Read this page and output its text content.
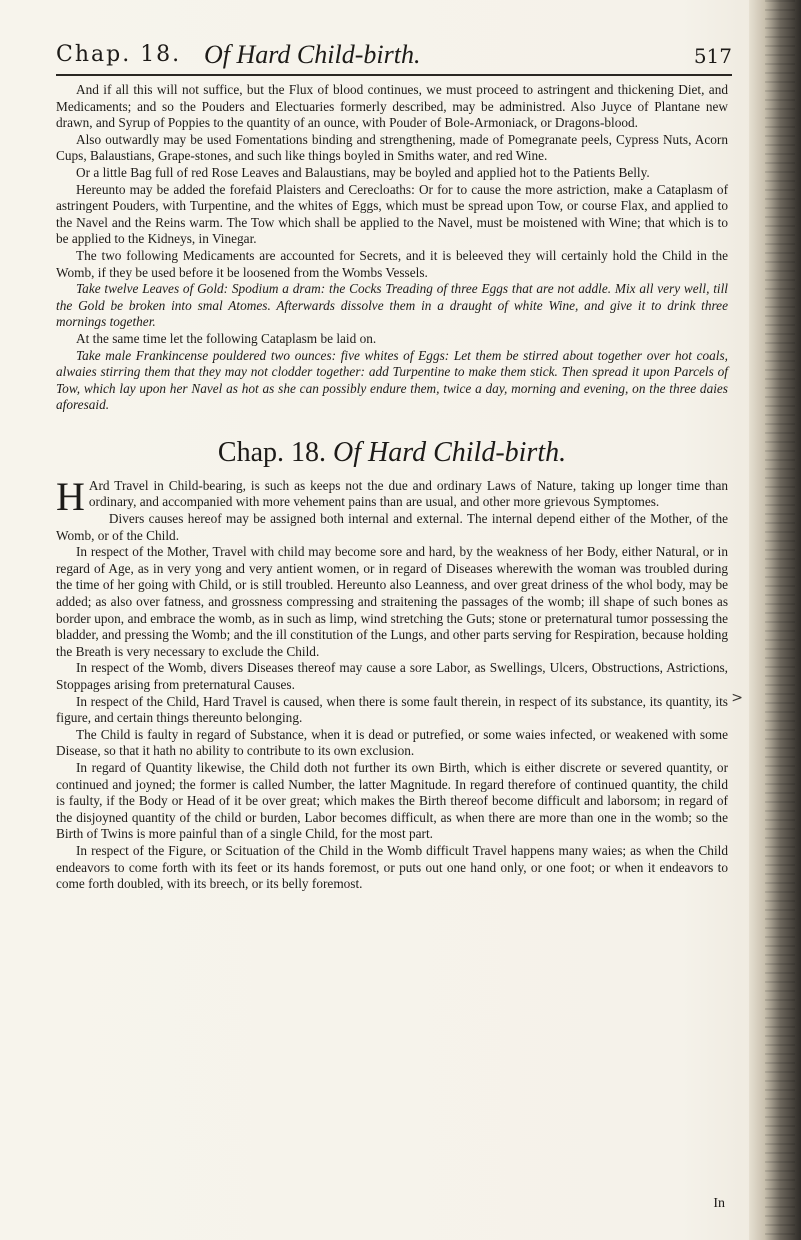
>
Chap. 18. Of Hard Child-birth.	517

And if all this will not suffice, but the Flux of blood continues, we must proceed to astringent and thickening Diet, and Medicaments; and so the Pouders and Electuaries formerly described, may be administred. Also Juyce of Plantane new drawn, and Syrup of Poppies to the quantity of an ounce, with Pouder of Bole-Armoniack, or Dragons-blood.

Also outwardly may be used Fomentations binding and strengthening, made of Pomegranate peels, Cypress Nuts, Acorn Cups, Balaustians, Grape-stones, and such like things boyled in Smiths water, and red Wine.

Or a little Bag full of red Rose Leaves and Balaustians, may be boyled and applied hot to the Patients Belly.

Hereunto may be added the forefaid Plaisters and Cerecloaths: Or for to cause the more astriction, make a Cataplasm of astringent Pouders, with Turpentine, and the whites of Eggs, which must be spread upon Tow, or course Flax, and applied to the Navel and the Reins warm. The Tow which shall be applied to the Navel, must be moistened with Wine; that which is to be applied to the Kidneys, in Vinegar.

The two following Medicaments are accounted for Secrets, and it is beleeved they will certainly hold the Child in the Womb, if they be used before it be loosened from the Wombs Vessels.

Take twelve Leaves of Gold: Spodium a dram: the Cocks Treading of three Eggs that are not addle. Mix all very well, till the Gold be broken into smal Atomes. Afterwards dissolve them in a draught of white Wine, and give it to drink three mornings together.

At the same time let the following Cataplasm be laid on.

Take male Frankincense pouldered two ounces: five whites of Eggs: Let them be stirred about together over hot coals, alwaies stirring them that they may not clodder together: add Turpentine to make them stick. Then spread it upon Parcels of Tow, which lay upon her Navel as hot as she can possibly endure them, twice a day, morning and evening, on the three daies aforesaid.

Chap. 18. Of Hard Child-birth.

H Ard Travel in Child-bearing, is such as keeps not the due and ordinary Laws of Nature, taking up longer time than ordinary, and accompanied with more vehement pains than are usual, and other more grievous Symptomes.

Divers causes hereof may be assigned both internal and external. The internal depend either of the Mother, of the Womb, or of the Child.

In respect of the Mother, Travel with child may become sore and hard, by the weakness of her Body, either Natural, or in regard of Age, as in very yong and very antient women, or in regard of Diseases wherewith the woman was troubled during the time of her going with Child, or is still troubled. Hereunto also Leanness, and over great driness of the whol body, may be added; as also over fatness, and grossness compressing and straitening the passages of the womb; ill shape of such bones as border upon, and embrace the womb, as in such as limp, wind stretching the Guts; stone or preternatural tumor possessing the bladder, and pressing the Womb; and the ill constitution of the Lungs, and other parts serving for Respiration, because holding the Breath is very necessary to exclude the Child.

In respect of the Womb, divers Diseases thereof may cause a sore Labor, as Swellings, Ulcers, Obstructions, Astrictions, Stoppages arising from preternatural Causes.

In respect of the Child, Hard Travel is caused, when there is some fault therein, in respect of its substance, its quantity, its figure, and certain things thereunto belonging.

The Child is faulty in regard of Substance, when it is dead or putrefied, or some waies infected, or weakened with some Disease, so that it hath no ability to contribute to its own exclusion.

In regard of Quantity likewise, the Child doth not further its own Birth, which is either discrete or severed quantity, or continued and joyned; the former is called Number, the latter Magnitude. In regard therefore of continued quantity, the child is faulty, if the Body or Head of it be over great; which makes the Birth thereof become difficult and laborsom; in regard of the disjoyned quantity of the child or burden, Labor becomes difficult, as when there are more than one in the womb; so the Birth of Twins is more painful than of a single Child, for the most part.

In respect of the Figure, or Scituation of the Child in the Womb difficult Travel happens many waies; as when the Child endeavors to come forth with its feet or its hands foremost, or puts out one hand only, or one foot; or when it endeavors to come forth doubled, with its breech, or its belly foremost.

In
